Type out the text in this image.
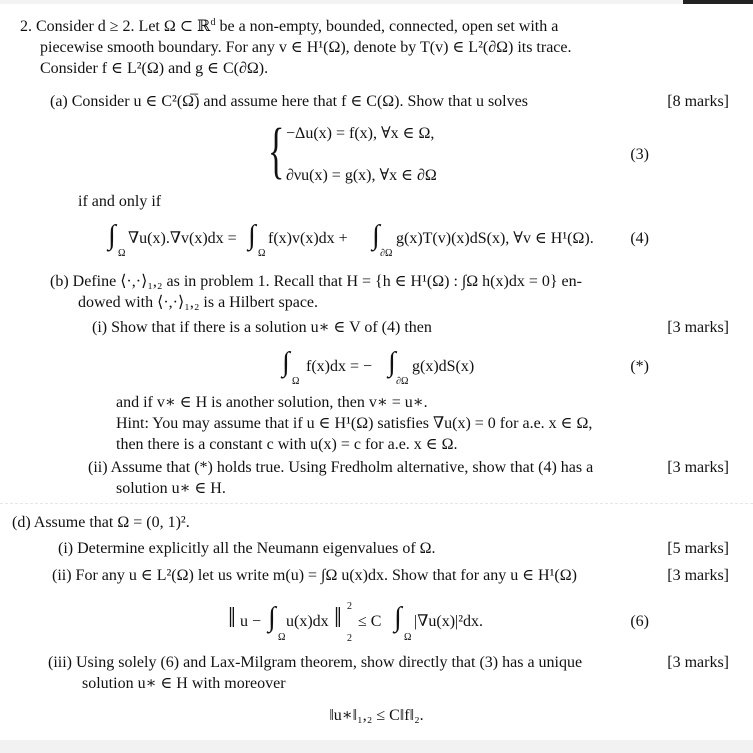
2. Consider d ≥ 2. Let Ω ⊂ ℝ$^d$ be a non-empty, bounded, connected, open set with a
piecewise smooth boundary. For any v ∈ H¹(Ω), denote by T(v) ∈ L²(∂Ω) its trace.
Consider f ∈ L²(Ω) and g ∈ C(∂Ω).
(a) Consider u ∈ C²(Ω̅) and assume here that f ∈ C(Ω). Show that u solves	[8 marks]
{ −Δu(x) = f(x), ∀x ∈ Ω,
∂νu(x) = g(x), ∀x ∈ ∂Ω
(3)
if and only if
∫
Ω
∇u(x).∇v(x)dx = ∫
Ω
f(x)v(x)dx + ∫
∂Ω
g(x)T(v)(x)dS(x), ∀v ∈ H¹(Ω). (4)
(b) Define ⟨·,·⟩₁,₂ as in problem 1. Recall that H = {h ∈ H¹(Ω) : ∫Ω h(x)dx = 0} en-
dowed with ⟨·,·⟩₁,₂ is a Hilbert space.
(i) Show that if there is a solution u∗ ∈ V of (4) then	[3 marks]
∫
Ω
f(x)dx = − ∫
∂Ω
g(x)dS(x)	(*)
and if v∗ ∈ H is another solution, then v∗ = u∗.
Hint: You may assume that if u ∈ H¹(Ω) satisfies ∇u(x) = 0 for a.e. x ∈ Ω,
then there is a constant c with u(x) = c for a.e. x ∈ Ω.
(ii) Assume that (*) holds true. Using Fredholm alternative, show that (4) has a	[3 marks]
solution u∗ ∈ H.
(d) Assume that Ω = (0, 1)².
(i) Determine explicitly all the Neumann eigenvalues of Ω.	[5 marks]
(ii) For any u ∈ L²(Ω) let us write m(u) = ∫Ω u(x)dx. Show that for any u ∈ H¹(Ω)	[3 marks]
‖ u − ∫
Ω
u(x)dx ‖ 2
2
≤ C ∫
Ω
|∇u(x)|²dx.	(6)
(iii) Using solely (6) and Lax-Milgram theorem, show directly that (3) has a unique	[3 marks]
solution u∗ ∈ H with moreover
‖u∗‖₁,₂ ≤ C‖f‖₂.
